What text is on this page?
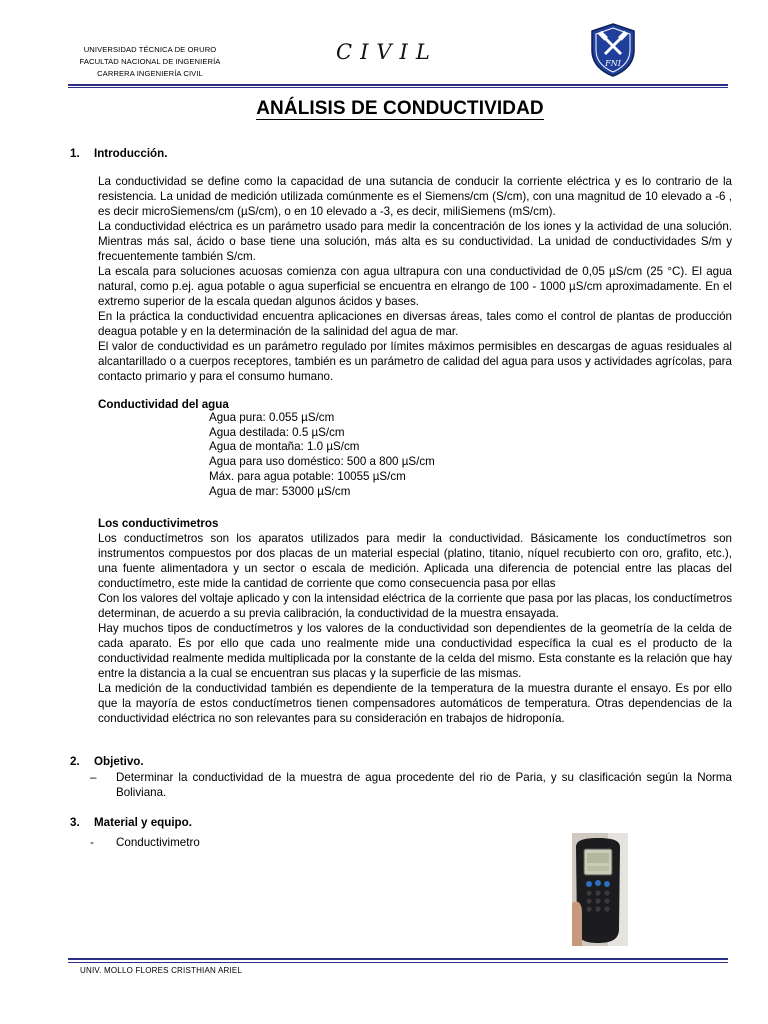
UNIVERSIDAD TÉCNICA DE ORURO
FACULTAD NACIONAL DE INGENIERÍA
CARRERA INGENIERÍA CIVIL
CIVIL	FNI
ANÁLISIS DE CONDUCTIVIDAD
1. Introducción.

La conductividad se define como la capacidad de una sutancia de conducir la corriente eléctrica y es lo contrario de la resistencia. La unidad de medición utilizada comúnmente es el Siemens/cm (S/cm), con una magnitud de 10 elevado a -6 , es decir microSiemens/cm (µS/cm), o en 10 elevado a -3, es decir, miliSiemens (mS/cm).

La conductividad eléctrica es un parámetro usado para medir la concentración de los iones y la actividad de una solución. Mientras más sal, ácido o base tiene una solución, más alta es su conductividad. La unidad de conductividades S/m y frecuentemente también S/cm.

La escala para soluciones acuosas comienza con agua ultrapura con una conductividad de 0,05 µS/cm (25 °C). El agua natural, como p.ej. agua potable o agua superficial se encuentra en elrango de 100 - 1000 µS/cm aproximadamente. En el extremo superior de la escala quedan algunos ácidos y bases.

En la práctica la conductividad encuentra aplicaciones en diversas áreas, tales como el control de plantas de producción deagua potable y en la determinación de la salinidad del agua de mar.

El valor de conductividad es un parámetro regulado por límites máximos permisibles en descargas de aguas residuales al alcantarillado o a cuerpos receptores, también es un parámetro de calidad del agua para usos y actividades agrícolas, para contacto primario y para el consumo humano.

Conductividad del agua
Agua pura: 0.055 µS/cm
Agua destilada: 0.5 µS/cm
Agua de montaña: 1.0 µS/cm
Agua para uso doméstico: 500 a 800 µS/cm
Máx. para agua potable: 10055 µS/cm
Agua de mar: 53000 µS/cm
Los conductivimetros

Los conductímetros son los aparatos utilizados para medir la conductividad. Básicamente los conductímetros son instrumentos compuestos por dos placas de un material especial (platino, titanio, níquel recubierto con oro, grafito, etc.), una fuente alimentadora y un sector o escala de medición. Aplicada una diferencia de potencial entre las placas del conductímetro, este mide la cantidad de corriente que como consecuencia pasa por ellas

Con los valores del voltaje aplicado y con la intensidad eléctrica de la corriente que pasa por las placas, los conductímetros determinan, de acuerdo a su previa calibración, la conductividad de la muestra ensayada.

Hay muchos tipos de conductímetros y los valores de la conductividad son dependientes de la geometría de la celda de cada aparato. Es por ello que cada uno realmente mide una conductividad específica la cual es el producto de la conductividad realmente medida multiplicada por la constante de la celda del mismo. Esta constante es la relación que hay entre la distancia a la cual se encuentran sus placas y la superficie de las mismas.

La medición de la conductividad también es dependiente de la temperatura de la muestra durante el ensayo. Es por ello que la mayoría de estos conductímetros tienen compensadores automáticos de temperatura. Otras dependencias de la conductividad eléctrica no son relevantes para su consideración en trabajos de hidroponía.

2. Objetivo.
– Determinar la conductividad de la muestra de agua procedente del rio de Paria, y su clasificación según la Norma Boliviana.
3. Material y equipo.
- Conductivimetro
UNIV. MOLLO FLORES CRISTHIAN ARIEL
